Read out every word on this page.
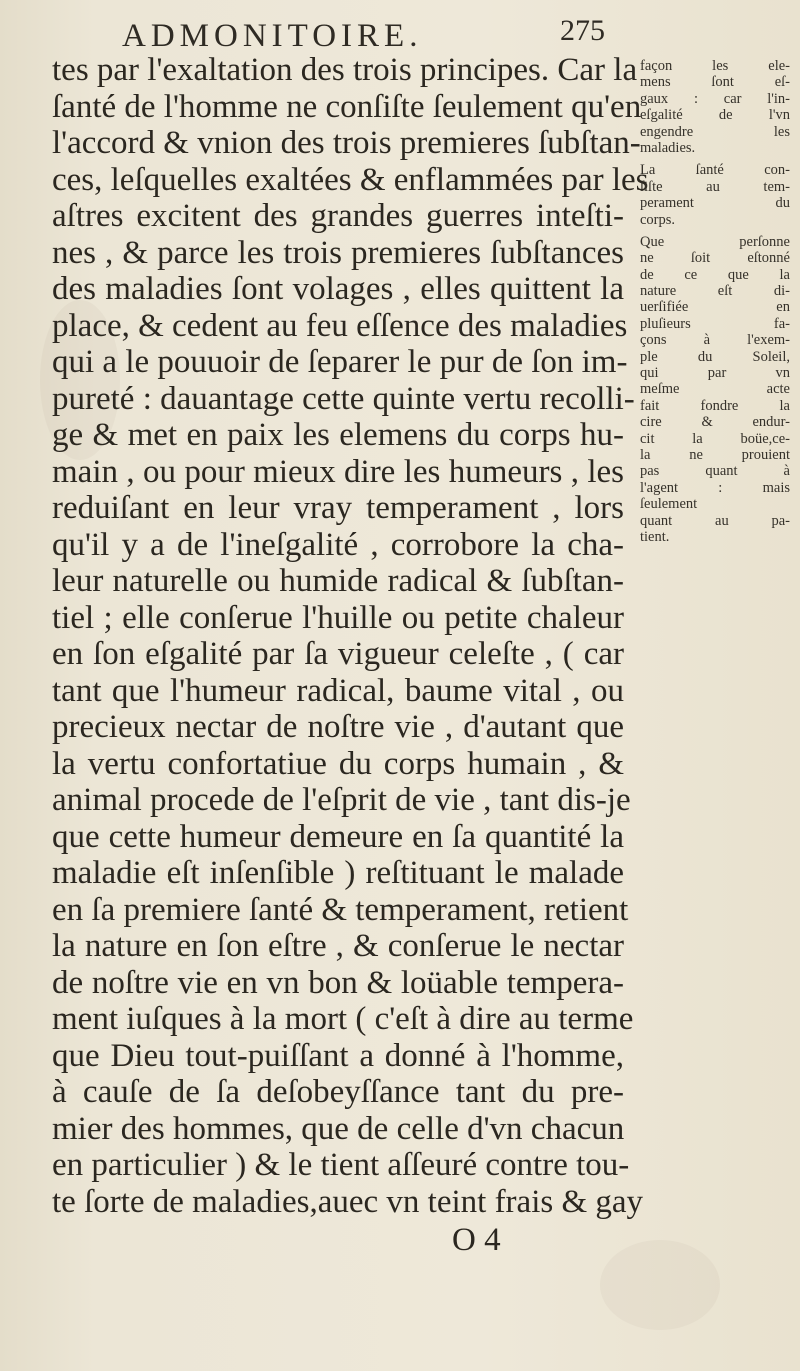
ADMONITOIRE.	275
tes par l'exaltation des trois principes. Car la
ſanté de l'homme ne conſiſte ſeulement qu'en
l'accord & vnion des trois premieres ſubſtan-
ces, leſquelles exaltées & enflammées par les
aſtres excitent des grandes guerres inteſti-
nes , & parce les trois premieres ſubſtances
des maladies ſont volages , elles quittent la
place, & cedent au feu eſſence des maladies
qui a le pouuoir de ſeparer le pur de ſon im-
pureté : dauantage cette quinte vertu recolli-
ge & met en paix les elemens du corps hu-
main , ou pour mieux dire les humeurs , les
reduiſant en leur vray temperament , lors
qu'il y a de l'ineſgalité , corrobore la cha-
leur naturelle ou humide radical & ſubſtan-
tiel ; elle conſerue l'huille ou petite chaleur
en ſon eſgalité par ſa vigueur celeſte , ( car
tant que l'humeur radical, baume vital , ou
precieux nectar de noſtre vie , d'autant que
la vertu confortatiue du corps humain , &
animal procede de l'eſprit de vie , tant dis-je
que cette humeur demeure en ſa quantité la
maladie eſt inſenſible ) reſtituant le malade
en ſa premiere ſanté & temperament, retient
la nature en ſon eſtre , & conſerue le nectar
de noſtre vie en vn bon & loüable tempera-
ment iuſques à la mort ( c'eſt à dire au terme
que Dieu tout-puiſſant a donné à l'homme,
à cauſe de ſa deſobeyſſance tant du pre-
mier des hommes, que de celle d'vn chacun
en particulier ) & le tient aſſeuré contre tou-
te ſorte de maladies,auec vn teint frais & gay
façon les ele-
mens ſont eſ-
gaux : car l'in-
eſgalité de l'vn
engendre les
maladies.
La ſanté con-
ſiſte au tem-
perament du
corps.
Que perſonne
ne ſoit eſtonné
de ce que la
nature eſt di-
uerſifiée en
pluſieurs fa-
çons à l'exem-
ple du Soleil,
qui par vn
meſme acte
fait fondre la
cire & endur-
cit la boüe,ce-
la ne prouient
pas quant à
l'agent : mais
ſeulement
quant au pa-
tient.
O 4
